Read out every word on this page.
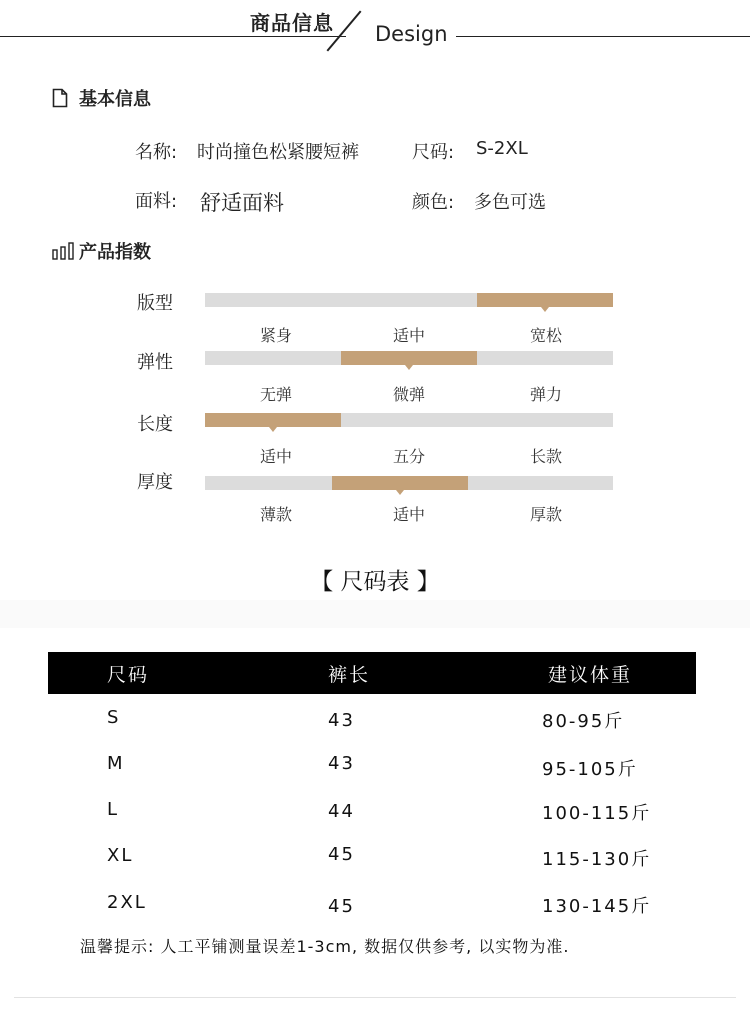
商品信息 Design
基本信息
名称: 时尚撞色松紧腰短裤	尺码: S-2XL
面料: 舒适面料	颜色: 多色可选
产品指数
版型
紧身	适中	宽松
弹性
无弹	微弹	弹力
长度
适中	五分	长款
厚度
薄款	适中	厚款
【 尺码表 】
尺码	裤长	建议体重
S	43	80-95斤
M	43	95-105斤
L	44	100-115斤
XL	45	115-130斤
2XL	45	130-145斤
温馨提示: 人工平铺测量误差1-3cm, 数据仅供参考, 以实物为准.
